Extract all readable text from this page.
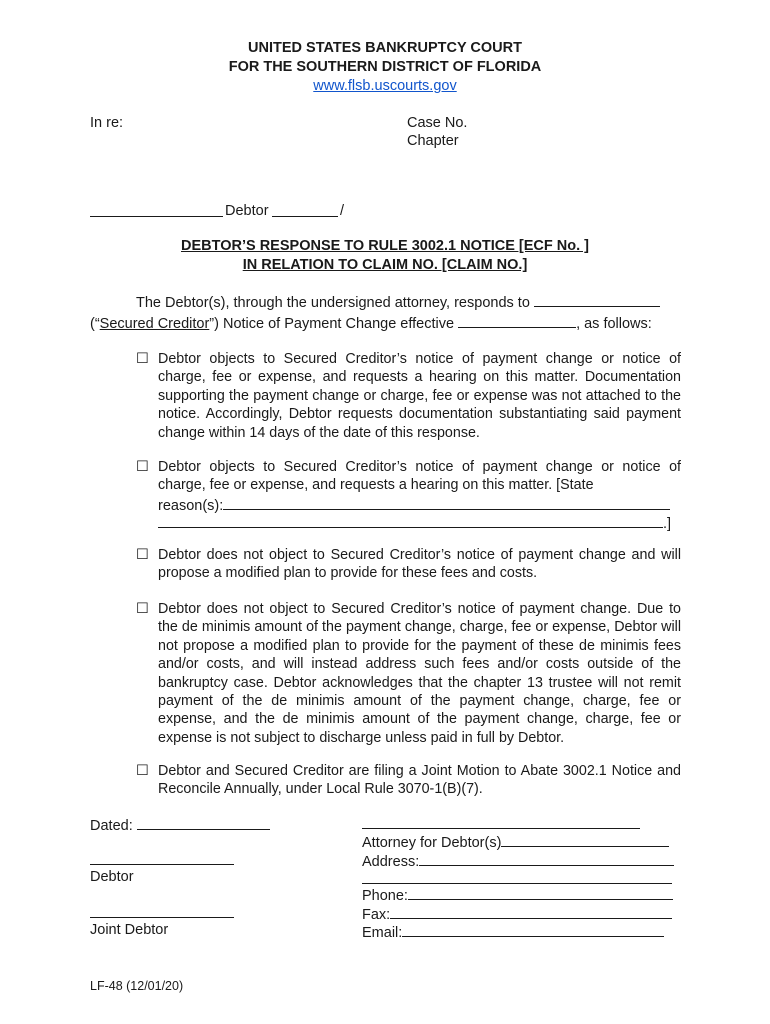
UNITED STATES BANKRUPTCY COURT
FOR THE SOUTHERN DISTRICT OF FLORIDA
www.flsb.uscourts.gov
In re:	Case No.
Chapter
Debtor	/
DEBTOR’S RESPONSE TO RULE 3002.1 NOTICE [ECF No. ]
IN RELATION TO CLAIM NO. [CLAIM NO.]
The Debtor(s), through the undersigned attorney, responds to
(“Secured Creditor”) Notice of Payment Change effective	, as follows:
☐ Debtor objects to Secured Creditor’s notice of payment change or notice of charge, fee or expense, and requests a hearing on this matter. Documentation supporting the payment change or charge, fee or expense was not attached to the notice. Accordingly, Debtor requests documentation substantiating said payment change within 14 days of the date of this response.
☐ Debtor objects to Secured Creditor’s notice of payment change or notice of charge, fee or expense, and requests a hearing on this matter. [State
reason(s):
.]
☐ Debtor does not object to Secured Creditor’s notice of payment change and will propose a modified plan to provide for these fees and costs.
☐ Debtor does not object to Secured Creditor’s notice of payment change. Due to the de minimis amount of the payment change, charge, fee or expense, Debtor will not propose a modified plan to provide for the payment of these de minimis fees and/or costs, and will instead address such fees and/or costs outside of the bankruptcy case. Debtor acknowledges that the chapter 13 trustee will not remit payment of the de minimis amount of the payment change, charge, fee or expense, and the de minimis amount of the payment change, charge, fee or expense is not subject to discharge unless paid in full by Debtor.
☐ Debtor and Secured Creditor are filing a Joint Motion to Abate 3002.1 Notice and Reconcile Annually, under Local Rule 3070-1(B)(7).
Dated:
Debtor
Joint Debtor
Attorney for Debtor(s)
Address:
Phone:
Fax:
Email:
LF-48 (12/01/20)
